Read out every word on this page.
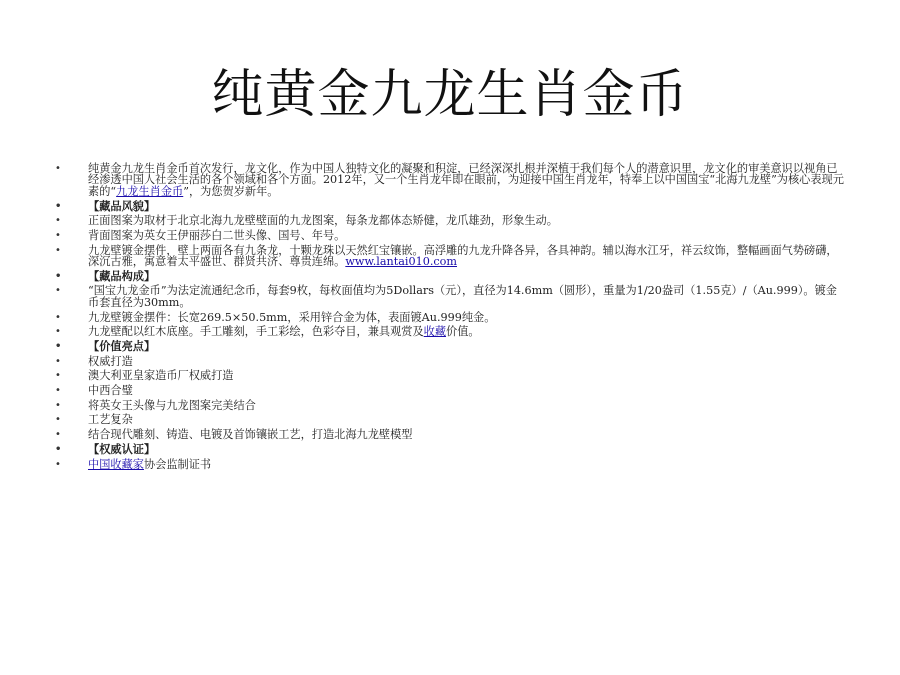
纯黄金九龙生肖金币
• 纯黄金九龙生肖金币首次发行，龙文化，作为中国人独特文化的凝聚和积淀，已经深深扎根并深植于我们每个人的潜意识里，龙文化的审美意识以视角已经渗透中国人社会生活的各个领域和各个方面。2012年，又一个生肖龙年即在眼前，为迎接中国生肖龙年，特奉上以中国国宝“北海九龙壁”为核心表现元素的“九龙生肖金币”，为您贺岁新年。
• 【藏品风貌】
• 正面图案为取材于北京北海九龙壁壁面的九龙图案，每条龙都体态矫健，龙爪雄劲，形象生动。
• 背面图案为英女王伊丽莎白二世头像、国号、年号。
• 九龙壁镀金摆件，壁上两面各有九条龙，十颗龙珠以天然红宝镶嵌。高浮雕的九龙升降各异，各具神韵。辅以海水江牙，祥云纹饰，整幅画面气势磅礴，深沉古雅，寓意着太平盛世、群贤共济、尊贵连绵。www.lantai010.com
• 【藏品构成】
• “国宝九龙金币”为法定流通纪念币，每套9枚，每枚面值均为5Dollars（元），直径为14.6mm（圆形），重量为1/20盎司（1.55克）/（Au.999）。镀金币套直径为30mm。
• 九龙壁镀金摆件：长宽269.5×50.5mm，采用锌合金为体，表面镀Au.999纯金。
• 九龙壁配以红木底座。手工雕刻，手工彩绘，色彩夺目，兼具观赏及收藏价值。
• 【价值亮点】
• 权威打造
• 澳大利亚皇家造币厂权威打造
• 中西合璧
• 将英女王头像与九龙图案完美结合
• 工艺复杂
• 结合现代雕刻、铸造、电镀及首饰镶嵌工艺，打造北海九龙壁模型
• 【权威认证】
• 中国收藏家协会监制证书
